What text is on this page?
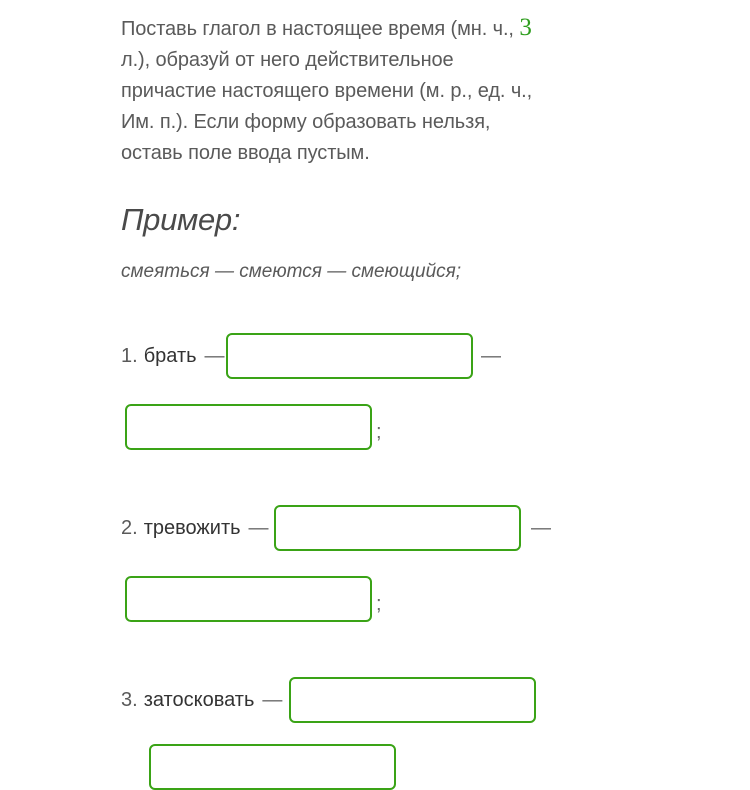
Поставь глагол в настоящее время (мн. ч., 3 л.), образуй от него действительное причастие настоящего времени (м. р., ед. ч., Им. п.). Если форму образовать нельзя, оставь поле ввода пустым.

Пример:

смеяться — смеются — смеющийся;

1. брать —	—
;
2. тревожить —	—
;
3. затосковать —
